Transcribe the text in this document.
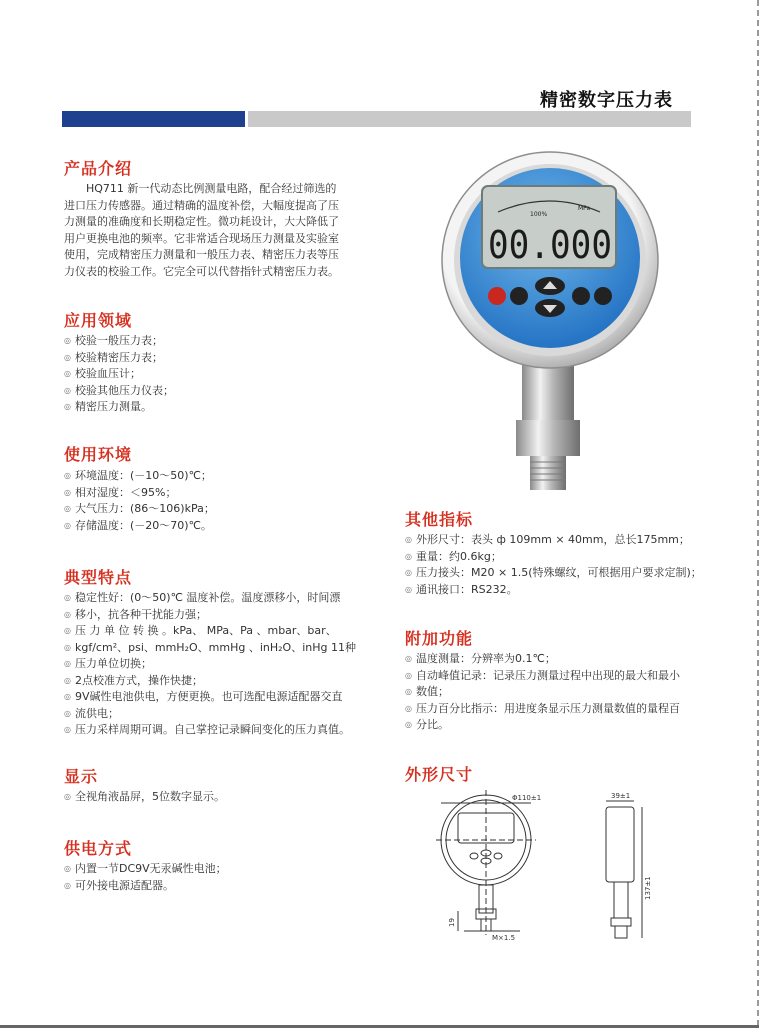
精密数字压力表
产品介绍
　　HQ711 新一代动态比例测量电路，配合经过筛选的
进口压力传感器。通过精确的温度补偿，大幅度提高了压
力测量的准确度和长期稳定性。微功耗设计，大大降低了
用户更换电池的频率。它非常适合现场压力测量及实验室
使用，完成精密压力测量和一般压力表、精密压力表等压
力仪表的校验工作。它完全可以代替指针式精密压力表。
应用领域
◎ 校验一般压力表；
◎ 校验精密压力表；
◎ 校验血压计；
◎ 校验其他压力仪表；
◎ 精密压力测量。
使用环境
◎ 环境温度：(－10～50)℃；
◎ 相对湿度：＜95%；
◎ 大气压力：(86～106)kPa；
◎ 存储温度：(－20～70)℃。
典型特点
◎ 稳定性好：(0～50)℃ 温度补偿。温度漂移小，时间漂
◎ 移小，抗各种干扰能力强；
◎ 压 力 单 位 转 换 。kPa、 MPa、Pa 、mbar、bar、
◎ kgf/cm²、psi、mmH₂O、mmHg 、inH₂O、inHg 11种
◎ 压力单位切换；
◎ 2点校准方式，操作快捷；
◎ 9V碱性电池供电，方便更换。也可选配电源适配器交直
◎ 流供电；
◎ 压力采样周期可调。自己掌控记录瞬间变化的压力真值。
显示
◎ 全视角液晶屏，5位数字显示。
供电方式
◎ 内置一节DC9V无汞碱性电池；
◎ 可外接电源适配器。
其他指标
◎ 外形尺寸：表头 ф 109mm × 40mm，总长175mm；
◎ 重量：约0.6kg；
◎ 压力接头：M20 × 1.5(特殊螺纹，可根据用户要求定制)；
◎ 通讯接口：RS232。
附加功能
◎ 温度测量：分辨率为0.1℃；
◎ 自动峰值记录：记录压力测量过程中出现的最大和最小
◎ 数值；
◎ 压力百分比指示：用进度条显示压力测量数值的量程百
◎ 分比。
外形尺寸
100%
MPa
00.000
Φ110±1	39±1
137±1
19
M×1.5
